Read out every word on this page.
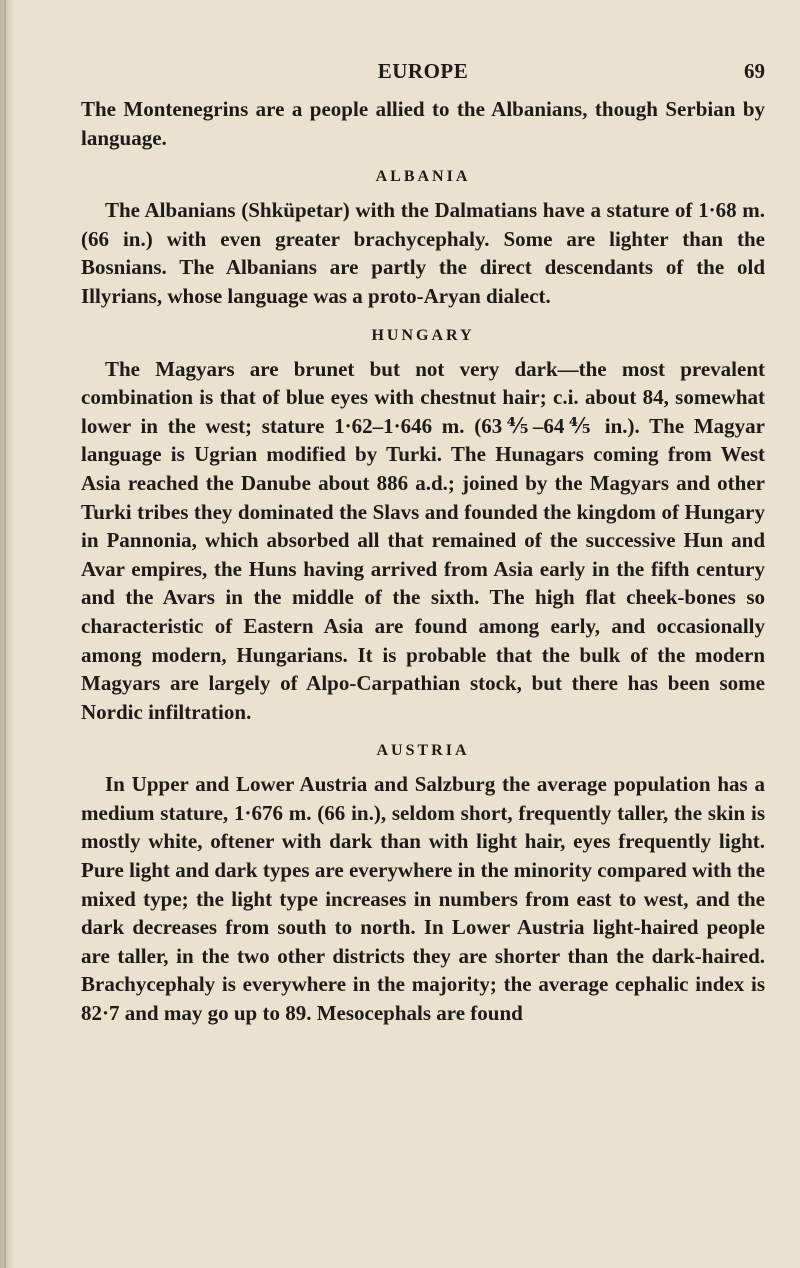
EUROPE	69

The Montenegrins are a people allied to the Albanians, though Serbian by language.

ALBANIA

The Albanians (Shküpetar) with the Dalmatians have a stature of 1·68 m. (66 in.) with even greater brachycephaly. Some are lighter than the Bosnians. The Albanians are partly the direct descendants of the old Illyrians, whose language was a proto-Aryan dialect.

HUNGARY

The Magyars are brunet but not very dark—the most prevalent combination is that of blue eyes with chestnut hair; c.i. about 84, somewhat lower in the west; stature 1·62–1·646 m. (63⅘–64⅘ in.). The Magyar language is Ugrian modified by Turki. The Hunagars coming from West Asia reached the Danube about 886 a.d.; joined by the Magyars and other Turki tribes they dominated the Slavs and founded the kingdom of Hungary in Pannonia, which absorbed all that remained of the successive Hun and Avar empires, the Huns having arrived from Asia early in the fifth century and the Avars in the middle of the sixth. The high flat cheek-bones so characteristic of Eastern Asia are found among early, and occasionally among modern, Hungarians. It is probable that the bulk of the modern Magyars are largely of Alpo-Carpathian stock, but there has been some Nordic infiltration.

AUSTRIA

In Upper and Lower Austria and Salzburg the average population has a medium stature, 1·676 m. (66 in.), seldom short, frequently taller, the skin is mostly white, oftener with dark than with light hair, eyes frequently light. Pure light and dark types are everywhere in the minority compared with the mixed type; the light type increases in numbers from east to west, and the dark decreases from south to north. In Lower Austria light-haired people are taller, in the two other districts they are shorter than the dark-haired. Brachycephaly is everywhere in the majority; the average cephalic index is 82·7 and may go up to 89. Mesocephals are found
